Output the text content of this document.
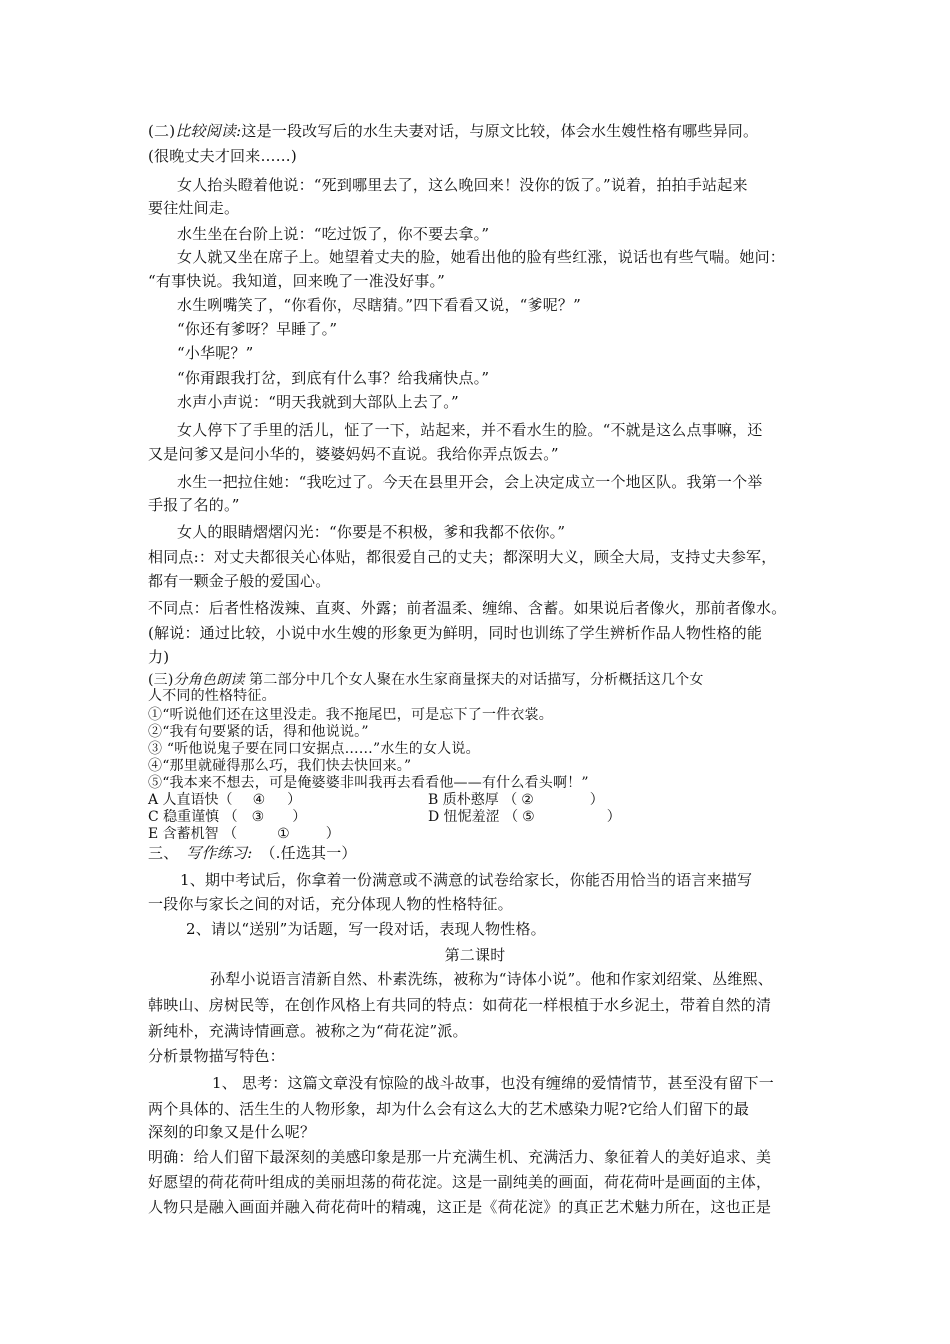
(二)比较阅读:这是一段改写后的水生夫妻对话，与原文比较，体会水生嫂性格有哪些异同。
(很晚丈夫才回来……)
女人抬头瞪着他说：“死到哪里去了，这么晚回来！没你的饭了。”说着，拍拍手站起来
要往灶间走。
水生坐在台阶上说：“吃过饭了，你不要去拿。”
女人就又坐在席子上。她望着丈夫的脸，她看出他的脸有些红涨，说话也有些气喘。她问：
“有事快说。我知道，回来晚了一准没好事。”
水生咧嘴笑了，“你看你，尽瞎猜。”四下看看又说，“爹呢？”
“你还有爹呀？早睡了。”
“小华呢？”
“你甭跟我打岔，到底有什么事？给我痛快点。”
水声小声说：“明天我就到大部队上去了。”
女人停下了手里的活儿，怔了一下，站起来，并不看水生的脸。“不就是这么点事嘛，还
又是问爹又是问小华的，婆婆妈妈不直说。我给你弄点饭去。”
水生一把拉住她：“我吃过了。今天在县里开会，会上决定成立一个地区队。我第一个举
手报了名的。”
女人的眼睛熠熠闪光：“你要是不积极，爹和我都不依你。”
相同点:：对丈夫都很关心体贴，都很爱自己的丈夫；都深明大义，顾全大局，支持丈夫参军，
都有一颗金子般的爱国心。
不同点：后者性格泼辣、直爽、外露；前者温柔、缠绵、含蓄。如果说后者像火，那前者像水。
(解说：通过比较，小说中水生嫂的形象更为鲜明，同时也训练了学生辨析作品人物性格的能
力)
(三)分角色朗读 第二部分中几个女人聚在水生家商量探夫的对话描写，分析概括这几个女
人不同的性格特征。
①“听说他们还在这里没走。我不拖尾巴，可是忘下了一件衣裳。
②“我有句要紧的话，得和他说说。”
③ “听他说鬼子要在同口安据点……”水生的女人说。
④“那里就碰得那么巧，我们快去快回来。”
⑤“我本来不想去，可是俺婆婆非叫我再去看看他——有什么看头啊！”
A 人直语快（ ④ ）	B 质朴憨厚 （ ②	）
C 稳重谨慎 （ ③ ）	D 忸怩羞涩 （ ⑤	）
E 含蓄机智 （	①	）
三、 写作练习: （.任选其一）
1、期中考试后，你拿着一份满意或不满意的试卷给家长，你能否用恰当的语言来描写
一段你与家长之间的对话，充分体现人物的性格特征。
2、请以“送别”为话题，写一段对话，表现人物性格。
第二课时
孙犁小说语言清新自然、朴素洗练，被称为“诗体小说”。他和作家刘绍棠、丛维熙、
韩映山、房树民等，在创作风格上有共同的特点：如荷花一样根植于水乡泥土，带着自然的清
新纯朴，充满诗情画意。被称之为“荷花淀”派。
分析景物描写特色：
1、 思考：这篇文章没有惊险的战斗故事，也没有缠绵的爱情情节，甚至没有留下一
两个具体的、活生生的人物形象，却为什么会有这么大的艺术感染力呢?它给人们留下的最
深刻的印象又是什么呢？
明确：给人们留下最深刻的美感印象是那一片充满生机、充满活力、象征着人的美好追求、美
好愿望的荷花荷叶组成的美丽坦荡的荷花淀。这是一副纯美的画面，荷花荷叶是画面的主体，
人物只是融入画面并融入荷花荷叶的精魂，这正是《荷花淀》的真正艺术魅力所在，这也正是
